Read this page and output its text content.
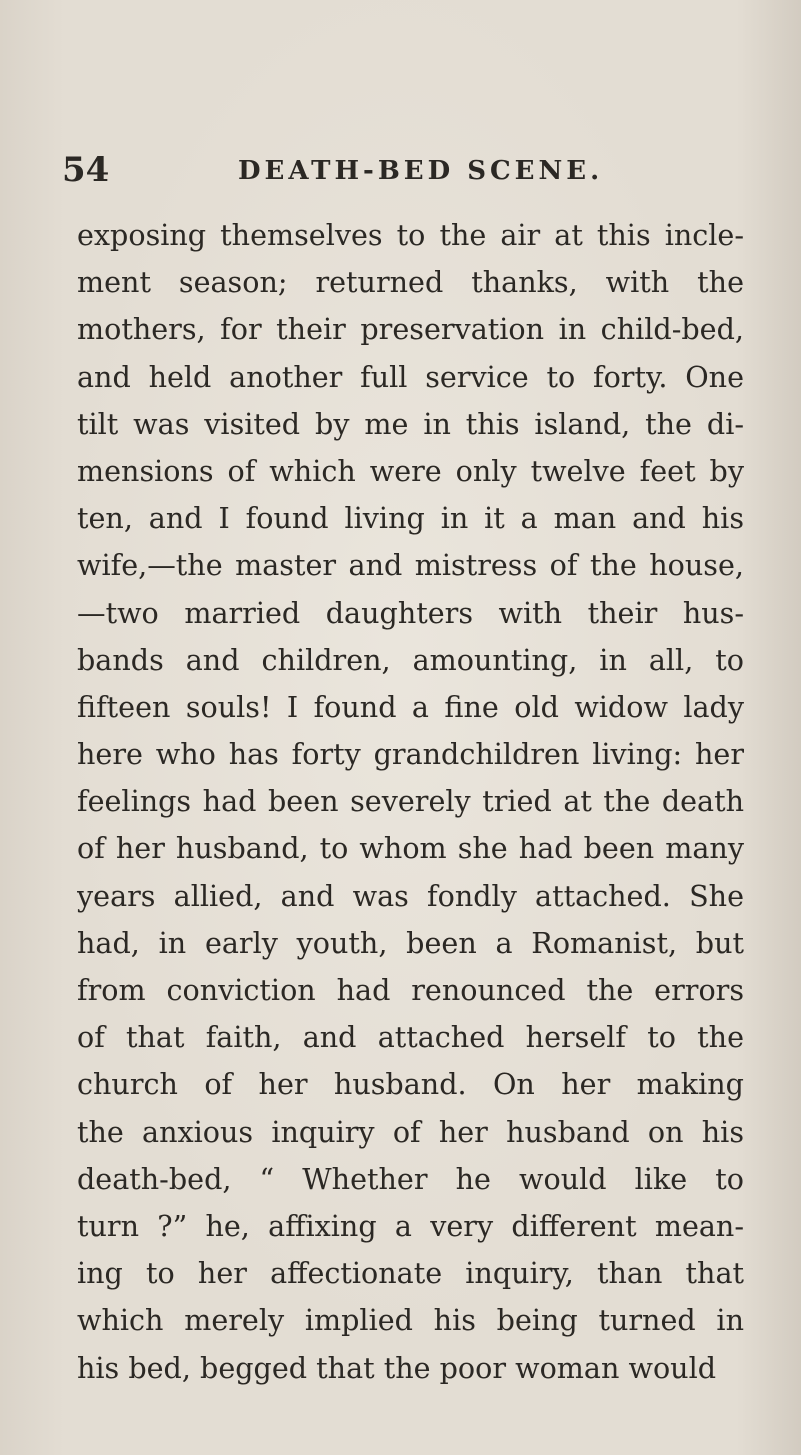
54	DEATH-BED SCENE.
exposing themselves to the air at this incle-
ment season; returned thanks, with the
mothers, for their preservation in child-bed,
and held another full service to forty. One
tilt was visited by me in this island, the di-
mensions of which were only twelve feet by
ten, and I found living in it a man and his
wife,—the master and mistress of the house,
—two married daughters with their hus-
bands and children, amounting, in all, to
fifteen souls! I found a fine old widow lady
here who has forty grandchildren living: her
feelings had been severely tried at the death
of her husband, to whom she had been many
years allied, and was fondly attached. She
had, in early youth, been a Romanist, but
from conviction had renounced the errors
of that faith, and attached herself to the
church of her husband. On her making
the anxious inquiry of her husband on his
death-bed, “ Whether he would like to
turn ?” he, affixing a very different mean-
ing to her affectionate inquiry, than that
which merely implied his being turned in
his bed, begged that the poor woman would
